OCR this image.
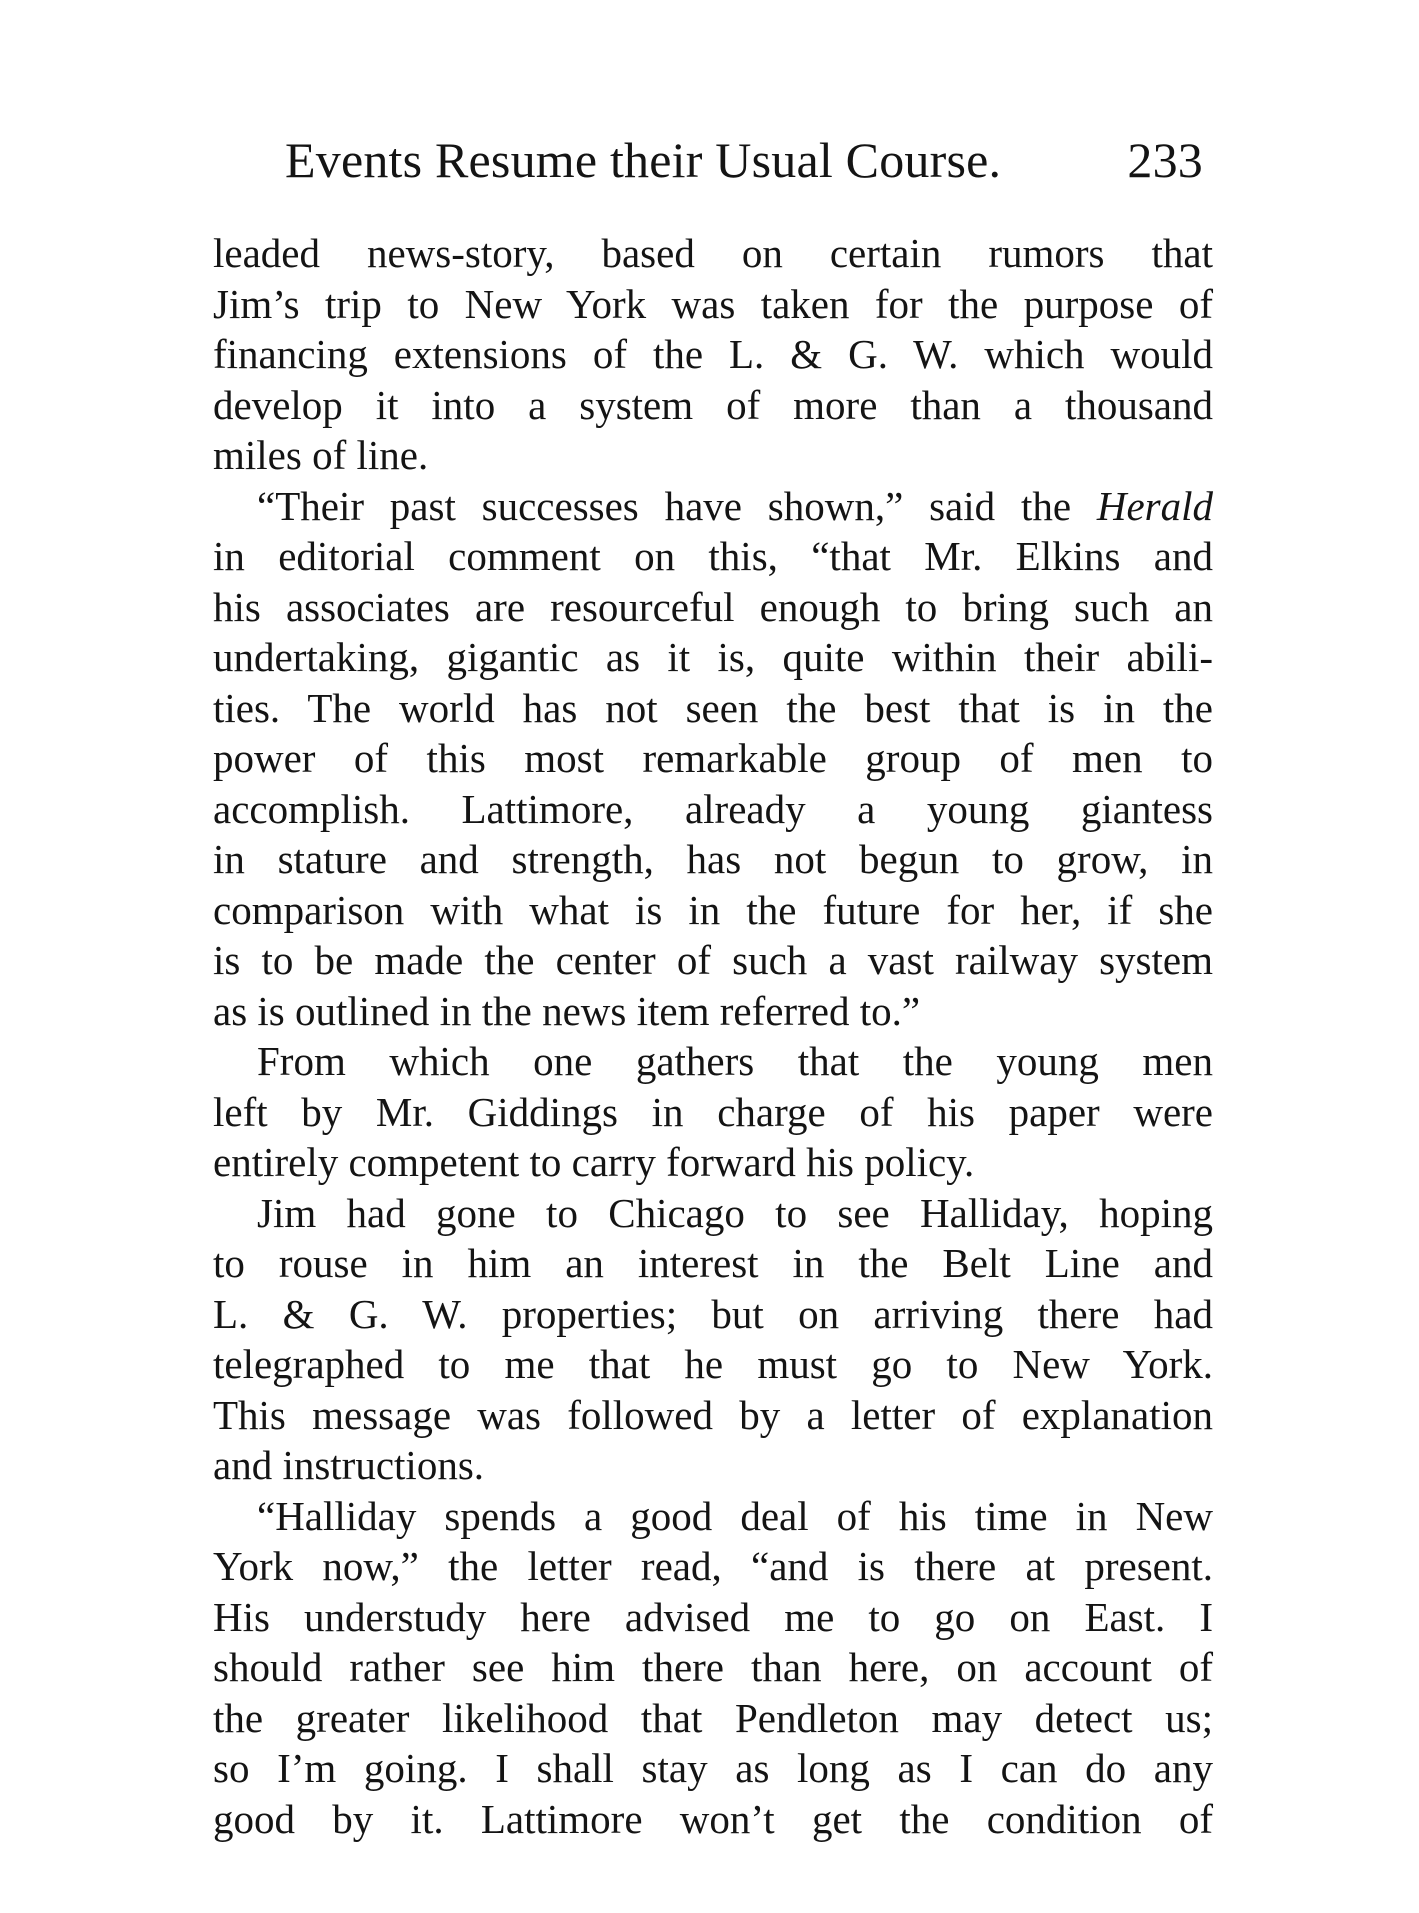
Events Resume their Usual Course.	233
leaded news-story, based on certain rumors that
Jim’s trip to New York was taken for the purpose of
financing extensions of the L. & G. W. which would
develop it into a system of more than a thousand
miles of line.
“Their past successes have shown,” said the Herald
in editorial comment on this, “that Mr. Elkins and
his associates are resourceful enough to bring such an
undertaking, gigantic as it is, quite within their abili-
ties. The world has not seen the best that is in the
power of this most remarkable group of men to
accomplish. Lattimore, already a young giantess
in stature and strength, has not begun to grow, in
comparison with what is in the future for her, if she
is to be made the center of such a vast railway system
as is outlined in the news item referred to.”
From which one gathers that the young men
left by Mr. Giddings in charge of his paper were
entirely competent to carry forward his policy.
Jim had gone to Chicago to see Halliday, hoping
to rouse in him an interest in the Belt Line and
L. & G. W. properties; but on arriving there had
telegraphed to me that he must go to New York.
This message was followed by a letter of explanation
and instructions.
“Halliday spends a good deal of his time in New
York now,” the letter read, “and is there at present.
His understudy here advised me to go on East. I
should rather see him there than here, on account of
the greater likelihood that Pendleton may detect us;
so I’m going. I shall stay as long as I can do any
good by it. Lattimore won’t get the condition of
